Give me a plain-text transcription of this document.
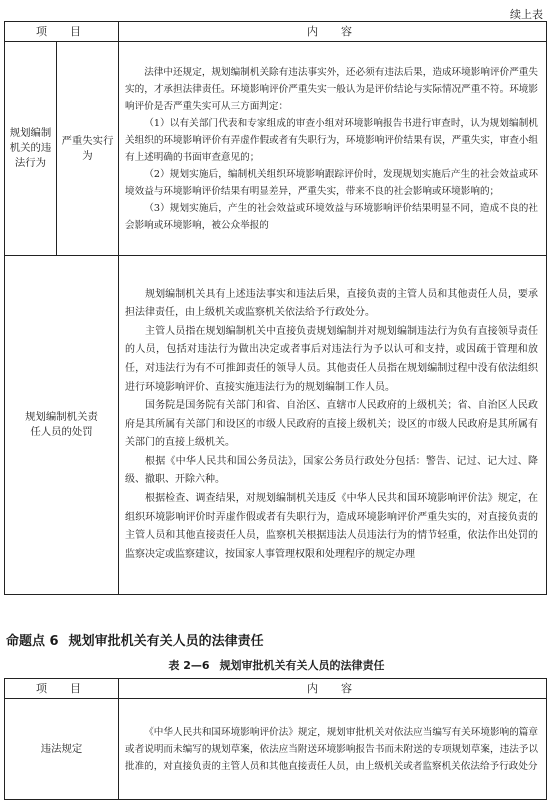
续上表
项　目		内　容
规划编制机关的违法行为	严重失实行为	法律中还规定，规划编制机关除有违法事实外，还必须有违法后果，造成环境影响评价严重失实的，才承担法律责任。环境影响评价严重失实一般认为是评价结论与实际情况严重不符。环境影响评价是否严重失实可从三方面判定：

（1）以有关部门代表和专家组成的审查小组对环境影响报告书进行审查时，认为规划编制机关组织的环境影响评价有弄虚作假或者有失职行为，环境影响评价结果有误，严重失实，审查小组有上述明确的书面审查意见的；

（2）规划实施后，编制机关组织环境影响跟踪评价时，发现规划实施后产生的社会效益或环境效益与环境影响评价结果有明显差异，严重失实，带来不良的社会影响或环境影响的；

（3）规划实施后，产生的社会效益或环境效益与环境影响评价结果明显不同，造成不良的社会影响或环境影响，被公众举报的

规划编制机关责任人员的处罚		规划编制机关具有上述违法事实和违法后果，直接负责的主管人员和其他责任人员，要承担法律责任，由上级机关或监察机关依法给予行政处分。

主管人员指在规划编制机关中直接负责规划编制并对规划编制违法行为负有直接领导责任的人员，包括对违法行为做出决定或者事后对违法行为予以认可和支持，或因疏于管理和放任，对违法行为有不可推卸责任的领导人员。其他责任人员指在规划编制过程中没有依法组织进行环境影响评价、直接实施违法行为的规划编制工作人员。

国务院是国务院有关部门和省、自治区、直辖市人民政府的上级机关；省、自治区人民政府是其所属有关部门和设区的市级人民政府的直接上级机关；设区的市级人民政府是其所属有关部门的直接上级机关。

根据《中华人民共和国公务员法》，国家公务员行政处分包括：警告、记过、记大过、降级、撤职、开除六种。

根据检查、调查结果，对规划编制机关违反《中华人民共和国环境影响评价法》规定，在组织环境影响评价时弄虚作假或者有失职行为，造成环境影响评价严重失实的，对直接负责的主管人员和其他直接责任人员，监察机关根据违法人员违法行为的情节轻重，依法作出处罚的监察决定或监察建议，按国家人事管理权限和处理程序的规定办理

命题点 6 规划审批机关有关人员的法律责任
表 2—6 规划审批机关有关人员的法律责任
项　目	内　容
违法规定	《中华人民共和国环境影响评价法》规定，规划审批机关对依法应当编写有关环境影响的篇章或者说明而未编写的规划草案，依法应当附送环境影响报告书而未附送的专项规划草案，违法予以批准的，对直接负责的主管人员和其他直接责任人员，由上级机关或者监察机关依法给予行政处分
